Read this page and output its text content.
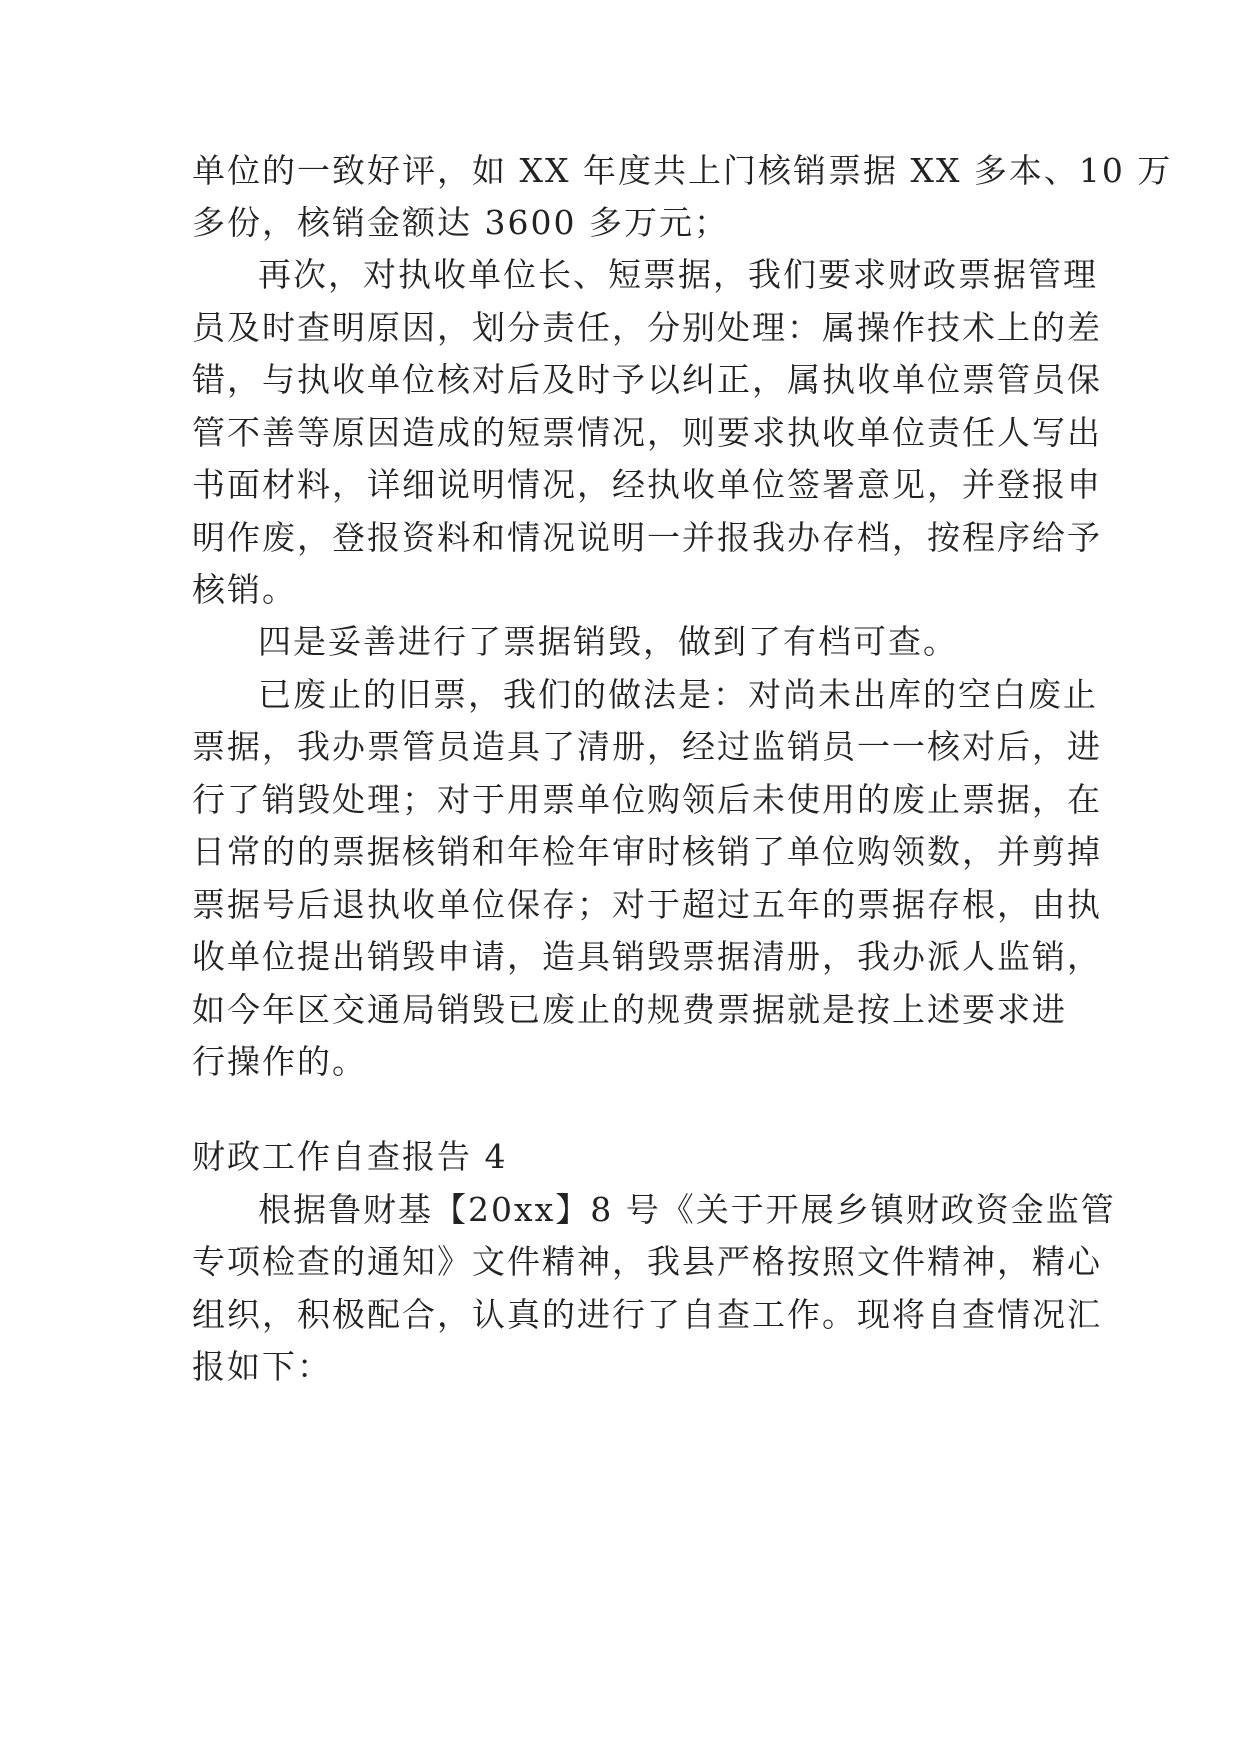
单位的一致好评，如 XX 年度共上门核销票据 XX 多本、10 万
多份，核销金额达 3600 多万元；
再次，对执收单位长、短票据，我们要求财政票据管理
员及时查明原因，划分责任，分别处理：属操作技术上的差
错，与执收单位核对后及时予以纠正，属执收单位票管员保
管不善等原因造成的短票情况，则要求执收单位责任人写出
书面材料，详细说明情况，经执收单位签署意见，并登报申
明作废，登报资料和情况说明一并报我办存档，按程序给予
核销。
四是妥善进行了票据销毁，做到了有档可查。
已废止的旧票，我们的做法是：对尚未出库的空白废止
票据，我办票管员造具了清册，经过监销员一一核对后，进
行了销毁处理；对于用票单位购领后未使用的废止票据，在
日常的的票据核销和年检年审时核销了单位购领数，并剪掉
票据号后退执收单位保存；对于超过五年的票据存根，由执
收单位提出销毁申请，造具销毁票据清册，我办派人监销，
如今年区交通局销毁已废止的规费票据就是按上述要求进
行操作的。
财政工作自查报告 4
根据鲁财基【20xx】8 号《关于开展乡镇财政资金监管
专项检查的通知》文件精神，我县严格按照文件精神，精心
组织，积极配合，认真的进行了自查工作。现将自查情况汇
报如下：
